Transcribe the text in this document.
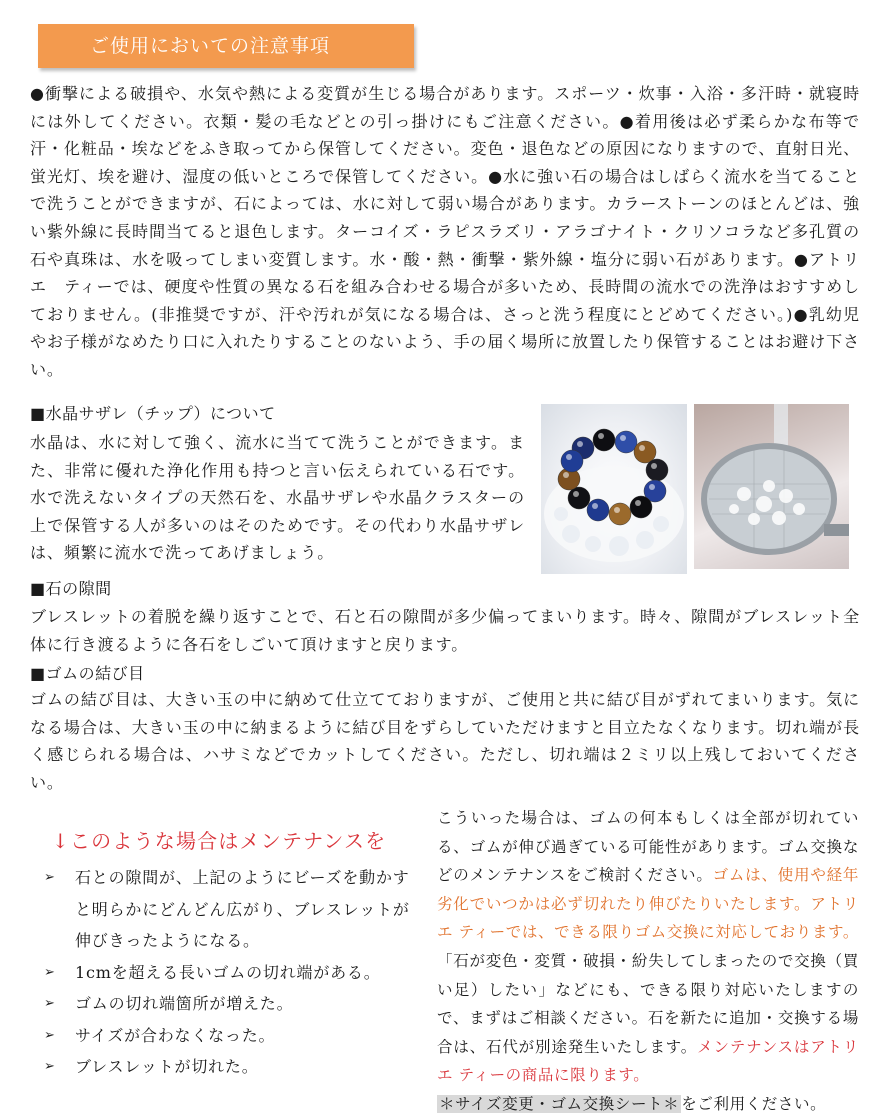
ご使用においての注意事項

●衝撃による破損や、水気や熱による変質が生じる場合があります。スポーツ・炊事・入浴・多汗時・就寝時には外してください。衣類・髪の毛などとの引っ掛けにもご注意ください。●着用後は必ず柔らかな布等で汗・化粧品・埃などをふき取ってから保管してください。変色・退色などの原因になりますので、直射日光、蛍光灯、埃を避け、湿度の低いところで保管してください。●水に強い石の場合はしばらく流水を当てることで洗うことができますが、石によっては、水に対して弱い場合があります。カラーストーンのほとんどは、強い紫外線に長時間当てると退色します。ターコイズ・ラピスラズリ・アラゴナイト・クリソコラなど多孔質の石や真珠は、水を吸ってしまい変質します。水・酸・熱・衝撃・紫外線・塩分に弱い石があります。●アトリエ　ティーでは、硬度や性質の異なる石を組み合わせる場合が多いため、長時間の流水での洗浄はおすすめしておりません。(非推奨ですが、汗や汚れが気になる場合は、さっと洗う程度にとどめてください。)●乳幼児やお子様がなめたり口に入れたりすることのないよう、手の届く場所に放置したり保管することはお避け下さい。

■水晶サザレ（チップ）について

水晶は、水に対して強く、流水に当てて洗うことができます。また、非常に優れた浄化作用も持つと言い伝えられている石です。水で洗えないタイプの天然石を、水晶サザレや水晶クラスターの上で保管する人が多いのはそのためです。その代わり水晶サザレは、頻繁に流水で洗ってあげましょう。

■石の隙間

ブレスレットの着脱を繰り返すことで、石と石の隙間が多少偏ってまいります。時々、隙間がブレスレット全体に行き渡るように各石をしごいて頂けますと戻ります。

■ゴムの結び目

ゴムの結び目は、大きい玉の中に納めて仕立てておりますが、ご使用と共に結び目がずれてまいります。気になる場合は、大きい玉の中に納まるように結び目をずらしていただけますと目立たなくなります。切れ端が長く感じられる場合は、ハサミなどでカットしてください。ただし、切れ端は２ミリ以上残しておいてください。

↓このような場合はメンテナンスを
➢ 石との隙間が、上記のようにビーズを動かすと明らかにどんどん広がり、ブレスレットが伸びきったようになる。
➢ 1cmを超える長いゴムの切れ端がある。
➢ ゴムの切れ端箇所が増えた。
➢ サイズが合わなくなった。
➢ ブレスレットが切れた。

こういった場合は、ゴムの何本もしくは全部が切れている、ゴムが伸び過ぎている可能性があります。ゴム交換などのメンテナンスをご検討ください。ゴムは、使用や経年劣化でいつかは必ず切れたり伸びたりいたします。アトリエ ティーでは、できる限りゴム交換に対応しております。「石が変色・変質・破損・紛失してしまったので交換（買い足）したい」などにも、できる限り対応いたしますので、まずはご相談ください。石を新たに追加・交換する場合は、石代が別途発生いたします。メンテナンスはアトリエ ティーの商品に限ります。
＊サイズ変更・ゴム交換シート＊ をご利用ください。
